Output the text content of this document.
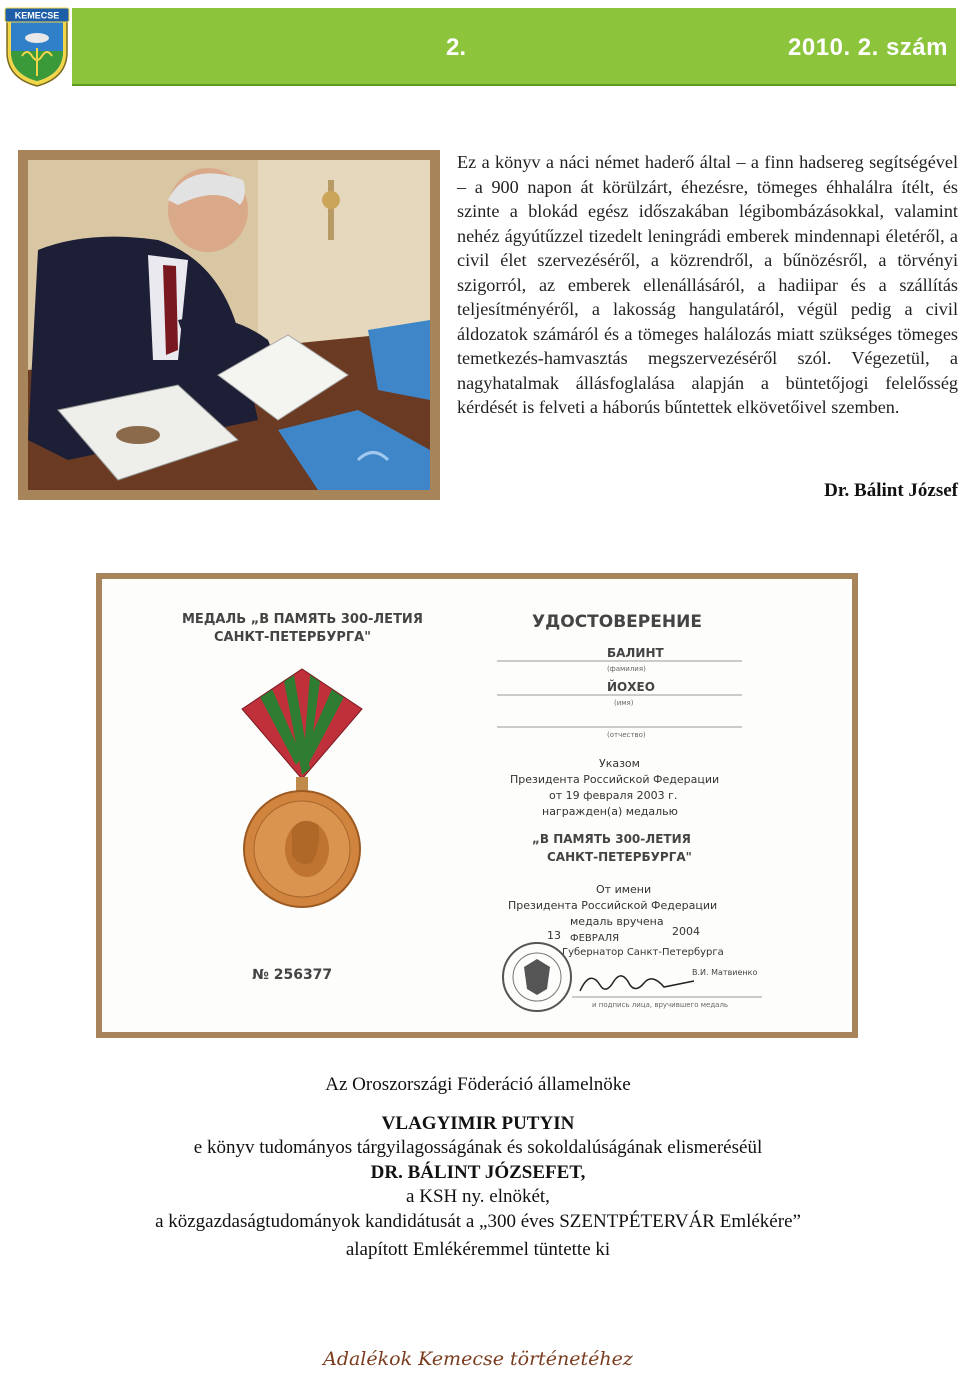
KEMECSE
2.	2010. 2. szám

Ez a könyv a náci német haderő által – a finn hadsereg segítségével – a 900 napon át körülzárt, éhezésre, tömeges éhhalálra ítélt, és szinte a blokád egész időszakában légibombázásokkal, valamint nehéz ágyútűzzel tizedelt leningrádi emberek mindennapi életéről, a civil élet szervezéséről, a közrendről, a bűnözésről, a törvényi szigorról, az emberek ellenállásáról, a hadiipar és a szállítás teljesítményéről, a lakosság hangulatáról, végül pedig a civil áldozatok számáról és a tömeges halálozás miatt szükséges tömeges temetkezés-hamvasztás megszervezéséről szól. Végezetül, a nagyhatalmak állásfoglalása alapján a büntetőjogi felelősség kérdését is felveti a háborús bűntettek elkövetőivel szemben.

Dr. Bálint József
МЕДАЛЬ „В ПАМЯТЬ 300-ЛЕТИЯ
САНКТ-ПЕТЕРБУРГА"
№ 256377
УДОСТОВЕРЕНИЕ
БАЛИНТ
(фамилия)
ЙОХЕО
(имя)
(отчество)
Указом
Президента Российской Федерации
от 19 февраля 2003 г.
награжден(а) медалью
„В ПАМЯТЬ 300-ЛЕТИЯ
САНКТ-ПЕТЕРБУРГА"
От имени
Президента Российской Федерации
медаль вручена
13 ФЕВРАЛЯ
2004
Губернатор Санкт-Петербурга
В.И. Матвиенко
и подпись лица, вручившего медаль
Az Oroszországi Föderáció államelnöke
VLAGYIMIR PUTYIN
e könyv tudományos tárgyilagosságának és sokoldalúságának elismeréséül
DR. BÁLINT JÓZSEFET,
a KSH ny. elnökét,
a közgazdaságtudományok kandidátusát a „300 éves SZENTPÉTERVÁR Emlékére”
alapított Emlékéremmel tüntette ki
Adalékok Kemecse történetéhez
